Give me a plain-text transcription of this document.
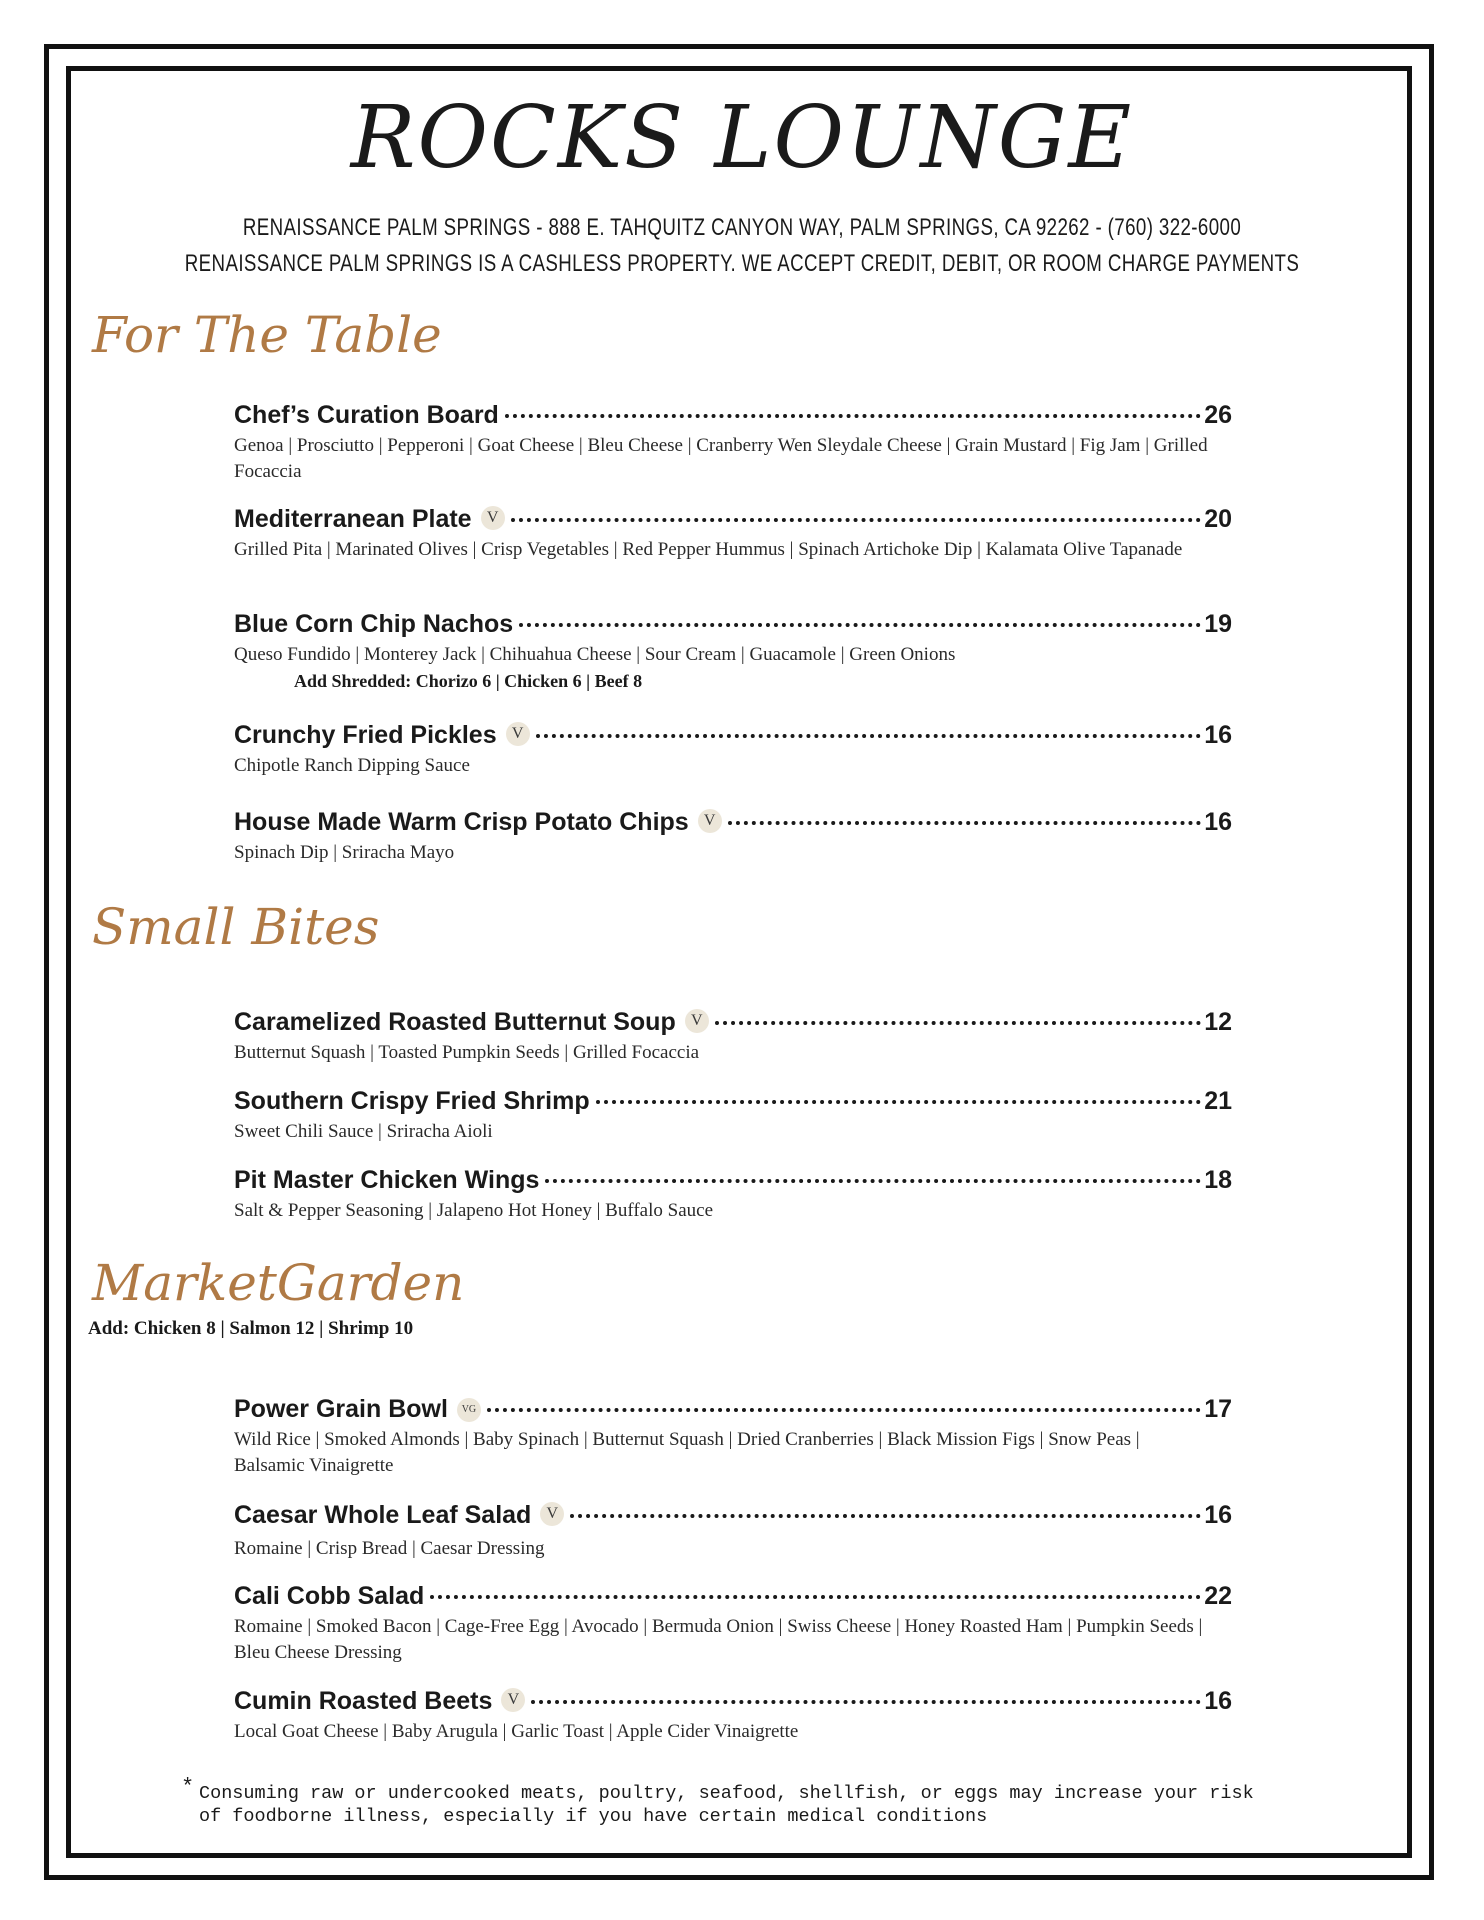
ROCKS LOUNGE
RENAISSANCE PALM SPRINGS - 888 E. TAHQUITZ CANYON WAY, PALM SPRINGS, CA 92262 - (760) 322-6000
RENAISSANCE PALM SPRINGS IS A CASHLESS PROPERTY. WE ACCEPT CREDIT, DEBIT, OR ROOM CHARGE PAYMENTS
For The Table
Chef’s Curation Board	26
Genoa | Prosciutto | Pepperoni | Goat Cheese | Bleu Cheese | Cranberry Wen Sleydale Cheese | Grain Mustard | Fig Jam | Grilled Focaccia
Mediterranean Plate V	20
Grilled Pita | Marinated Olives | Crisp Vegetables | Red Pepper Hummus | Spinach Artichoke Dip | Kalamata Olive Tapanade
Blue Corn Chip Nachos	19
Queso Fundido | Monterey Jack | Chihuahua Cheese | Sour Cream | Guacamole | Green Onions
Add Shredded: Chorizo 6 | Chicken 6 | Beef 8
Crunchy Fried Pickles V	16
Chipotle Ranch Dipping Sauce
House Made Warm Crisp Potato Chips V	16
Spinach Dip | Sriracha Mayo
Small Bites
Caramelized Roasted Butternut Soup V	12
Butternut Squash | Toasted Pumpkin Seeds | Grilled Focaccia
Southern Crispy Fried Shrimp	21
Sweet Chili Sauce | Sriracha Aioli
Pit Master Chicken Wings	18
Salt & Pepper Seasoning | Jalapeno Hot Honey | Buffalo Sauce
MarketGarden
Add: Chicken 8 | Salmon 12 | Shrimp 10
Power Grain Bowl	VG	17
Wild Rice | Smoked Almonds | Baby Spinach | Butternut Squash | Dried Cranberries | Black Mission Figs | Snow Peas | Balsamic Vinaigrette
Caesar Whole Leaf Salad V	16
Romaine | Crisp Bread | Caesar Dressing
Cali Cobb Salad	22
Romaine | Smoked Bacon | Cage-Free Egg | Avocado | Bermuda Onion | Swiss Cheese | Honey Roasted Ham | Pumpkin Seeds | Bleu Cheese Dressing
Cumin Roasted Beets V	16
Local Goat Cheese | Baby Arugula | Garlic Toast | Apple Cider Vinaigrette
* Consuming raw or undercooked meats, poultry, seafood, shellfish, or eggs may increase your risk
of foodborne illness, especially if you have certain medical conditions
